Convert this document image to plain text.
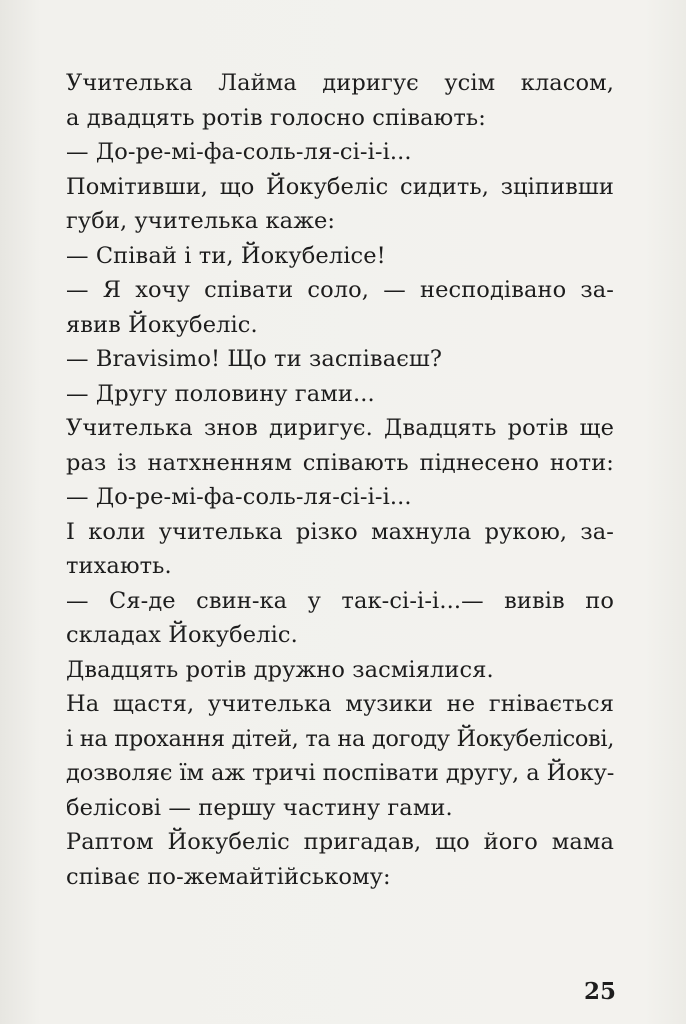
Учителька Лайма диригує усім класом,
а двадцять ротів голосно співають:
— До-ре-мі-фа-соль-ля-сі-і-і...
Помітивши, що Йокубеліс сидить, зціпивши
губи, учителька каже:
— Співай і ти, Йокубелісе!
— Я хочу співати соло, — несподівано за-
явив Йокубеліс.
— Bravisimo! Що ти заспіваєш?
— Другу половину гами...
Учителька знов диригує. Двадцять ротів ще
раз із натхненням співають піднесено ноти:
— До-ре-мі-фа-соль-ля-сі-і-і...
І коли учителька різко махнула рукою, за-
тихають.
— Ся-де свин-ка у так-сі-і-і...— вивів по
складах Йокубеліс.
Двадцять ротів дружно засміялися.
На щастя, учителька музики не гнівається
і на прохання дітей, та на догоду Йокубелісові,
дозволяє їм аж тричі поспівати другу, а Йоку-
белісові — першу частину гами.
Раптом Йокубеліс пригадав, що його мама
співає по-жемайтійському:
25
